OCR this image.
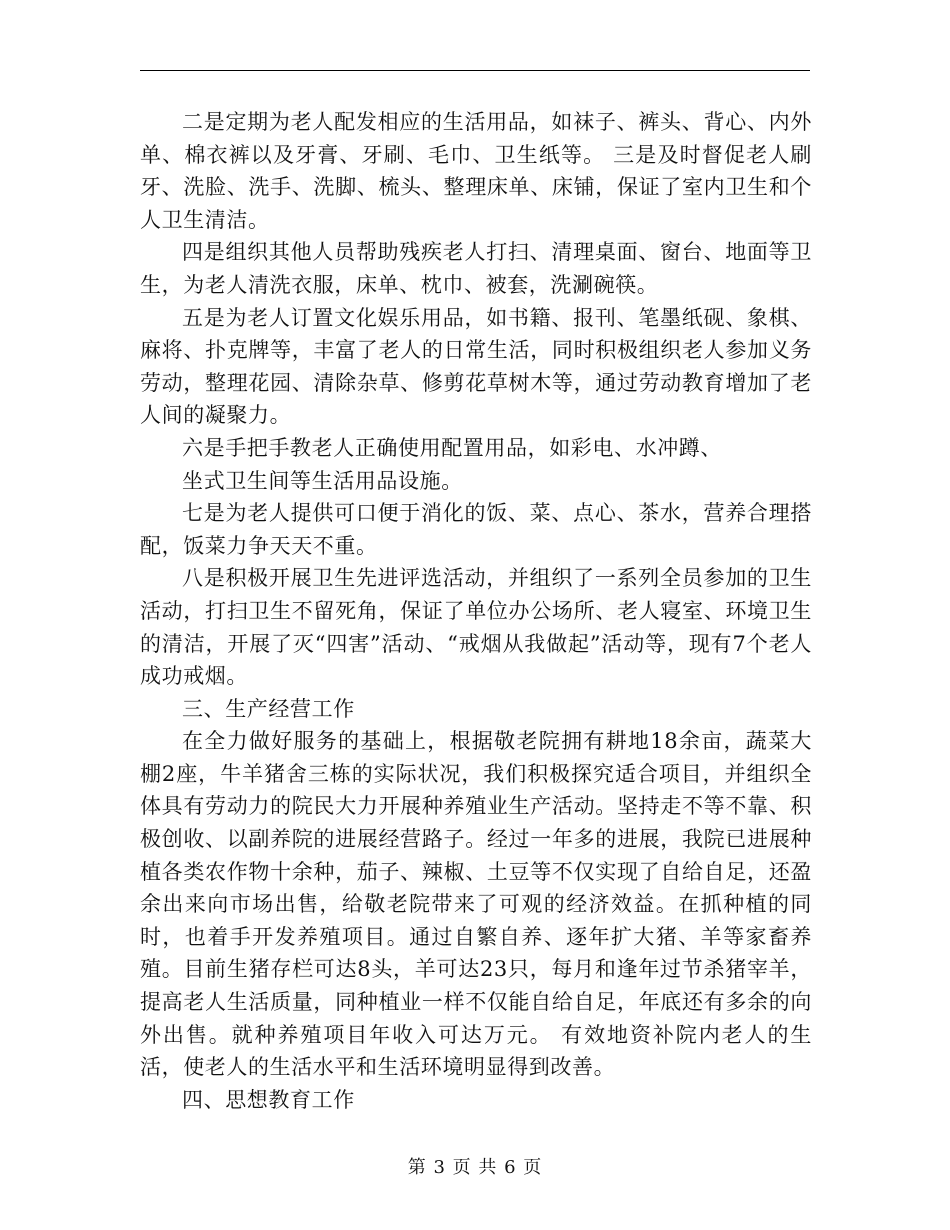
二是定期为老人配发相应的生活用品，如袜子、裤头、背心、内外单、棉衣裤以及牙膏、牙刷、毛巾、卫生纸等。 三是及时督促老人刷牙、洗脸、洗手、洗脚、梳头、整理床单、床铺，保证了室内卫生和个人卫生清洁。

四是组织其他人员帮助残疾老人打扫、清理桌面、窗台、地面等卫生，为老人清洗衣服，床单、枕巾、被套，洗涮碗筷。

五是为老人订置文化娱乐用品，如书籍、报刊、笔墨纸砚、象棋、麻将、扑克牌等，丰富了老人的日常生活，同时积极组织老人参加义务劳动，整理花园、清除杂草、修剪花草树木等，通过劳动教育增加了老人间的凝聚力。

六是手把手教老人正确使用配置用品，如彩电、水冲蹲、

坐式卫生间等生活用品设施。

七是为老人提供可口便于消化的饭、菜、点心、茶水，营养合理搭配，饭菜力争天天不重。

八是积极开展卫生先进评选活动，并组织了一系列全员参加的卫生活动，打扫卫生不留死角，保证了单位办公场所、老人寝室、环境卫生的清洁，开展了灭“四害”活动、“戒烟从我做起”活动等，现有7个老人成功戒烟。

三、生产经营工作

在全力做好服务的基础上，根据敬老院拥有耕地18余亩，蔬菜大棚2座，牛羊猪舍三栋的实际状况，我们积极探究适合项目，并组织全体具有劳动力的院民大力开展种养殖业生产活动。坚持走不等不靠、积极创收、以副养院的进展经营路子。经过一年多的进展，我院已进展种植各类农作物十余种，茄子、辣椒、土豆等不仅实现了自给自足，还盈余出来向市场出售，给敬老院带来了可观的经济效益。在抓种植的同时，也着手开发养殖项目。通过自繁自养、逐年扩大猪、羊等家畜养殖。目前生猪存栏可达8头，羊可达23只，每月和逢年过节杀猪宰羊，提高老人生活质量，同种植业一样不仅能自给自足，年底还有多余的向外出售。就种养殖项目年收入可达万元。 有效地资补院内老人的生活，使老人的生活水平和生活环境明显得到改善。

四、思想教育工作

第 3 页 共 6 页
